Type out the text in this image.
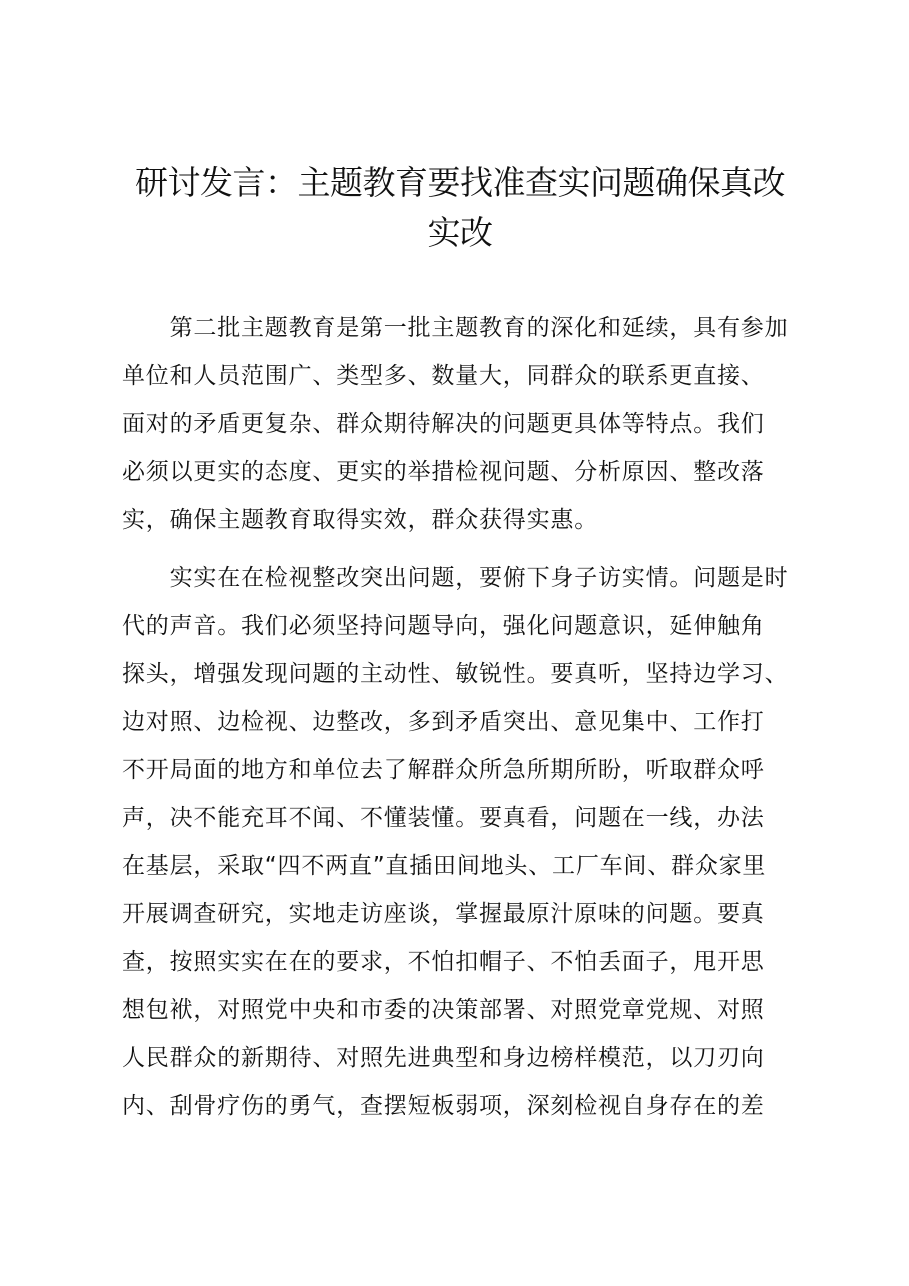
研讨发言：主题教育要找准查实问题确保真改
实改

　　第二批主题教育是第一批主题教育的深化和延续，具有参加
单位和人员范围广、类型多、数量大，同群众的联系更直接、
面对的矛盾更复杂、群众期待解决的问题更具体等特点。我们
必须以更实的态度、更实的举措检视问题、分析原因、整改落
实，确保主题教育取得实效，群众获得实惠。

　　实实在在检视整改突出问题，要俯下身子访实情。问题是时
代的声音。我们必须坚持问题导向，强化问题意识，延伸触角
探头，增强发现问题的主动性、敏锐性。要真听，坚持边学习、
边对照、边检视、边整改，多到矛盾突出、意见集中、工作打
不开局面的地方和单位去了解群众所急所期所盼，听取群众呼
声，决不能充耳不闻、不懂装懂。要真看，问题在一线，办法
在基层，采取“四不两直”直插田间地头、工厂车间、群众家里
开展调查研究，实地走访座谈，掌握最原汁原味的问题。要真
查，按照实实在在的要求，不怕扣帽子、不怕丢面子，甩开思
想包袱，对照党中央和市委的决策部署、对照党章党规、对照
人民群众的新期待、对照先进典型和身边榜样模范，以刀刃向
内、刮骨疗伤的勇气，查摆短板弱项，深刻检视自身存在的差
